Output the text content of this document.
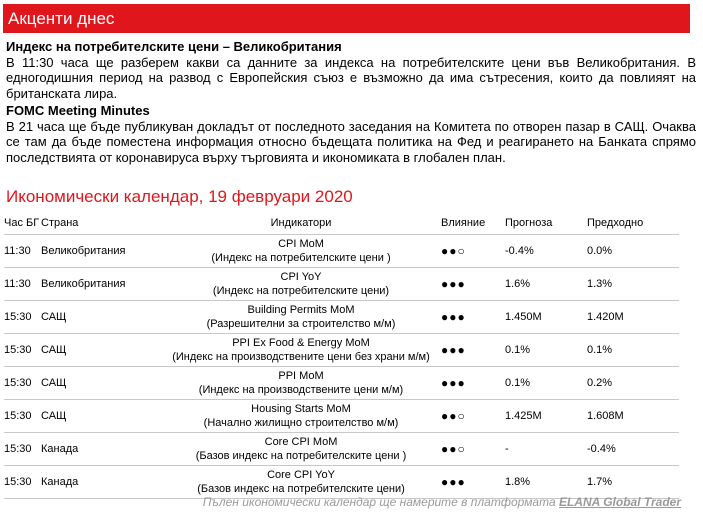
Акценти днес
Индекс на потребителските цени – Великобритания

В 11:30 часа ще разберем какви са данните за индекса на потребителските цени във Великобритания. В едногодишния период на развод с Европейския съюз е възможно да има сътресения, които да повлияят на британската лира.

FOMC Meeting Minutes

В 21 часа ще бъде публикуван докладът от последното заседания на Комитета по отворен пазар в САЩ. Очаква се там да бъде поместена информация относно бъдещата политика на Фед и реагирането на Банката спрямо последствията от коронавируса върху търговията и икономиката в глобален план.

Икономически календар, 19 февруари 2020
Час БГ	Страна	Индикатори	Влияние	Прогноза	Предходно
11:30	Великобритания	CPI MoM
(Индекс на потребителските цени )	●●○	-0.4%	0.0%
11:30	Великобритания	CPI YoY
(Индекс на потребителските цени)	●●●	1.6%	1.3%
15:30	САЩ	Building Permits MoM
(Разрешителни за строителство м/м)	●●●	1.450M	1.420M
15:30	САЩ	PPI Ex Food & Energy MoM
(Индекс на производствените цени без храни м/м)	●●●	0.1%	0.1%
15:30	САЩ	PPI MoM
(Индекс на производствените цени м/м)	●●●	0.1%	0.2%
15:30	САЩ	Housing Starts MoM
(Начално жилищно строителство м/м)	●●○	1.425M	1.608M
15:30	Канада	Core CPI MoM
(Базов индекс на потребителските цени )	●●○	-	-0.4%
15:30	Канада	Core CPI YoY
(Базов индекс на потребителските цени)	●●●	1.8%	1.7%
Пълен икономически календар ще намерите в платформата ELANA Global Trader
